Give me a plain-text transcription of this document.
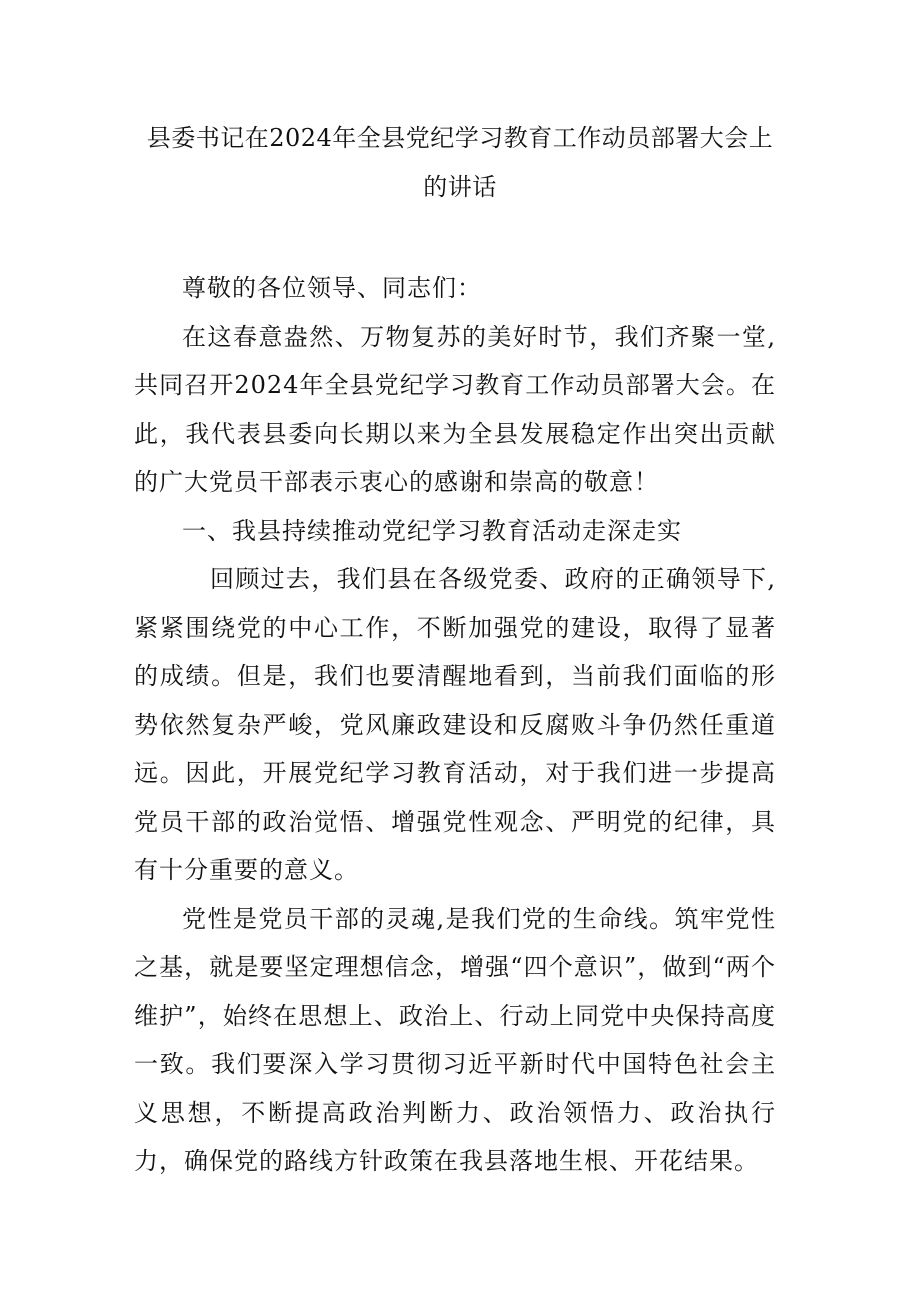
县委书记在2024年全县党纪学习教育工作动员部署大会上
的讲话

尊敬的各位领导、同志们：

在这春意盎然、万物复苏的美好时节，我们齐聚一堂,共同召开2024年全县党纪学习教育工作动员部署大会。在此，我代表县委向长期以来为全县发展稳定作出突出贡献的广大党员干部表示衷心的感谢和崇高的敬意！

一、我县持续推动党纪学习教育活动走深走实

回顾过去，我们县在各级党委、政府的正确领导下,紧紧围绕党的中心工作，不断加强党的建设，取得了显著的成绩。但是，我们也要清醒地看到，当前我们面临的形势依然复杂严峻，党风廉政建设和反腐败斗争仍然任重道远。因此，开展党纪学习教育活动，对于我们进一步提高党员干部的政治觉悟、增强党性观念、严明党的纪律，具有十分重要的意义。

党性是党员干部的灵魂,是我们党的生命线。筑牢党性之基，就是要坚定理想信念，增强“四个意识”，做到“两个维护”，始终在思想上、政治上、行动上同党中央保持高度一致。我们要深入学习贯彻习近平新时代中国特色社会主义思想，不断提高政治判断力、政治领悟力、政治执行力，确保党的路线方针政策在我县落地生根、开花结果。
